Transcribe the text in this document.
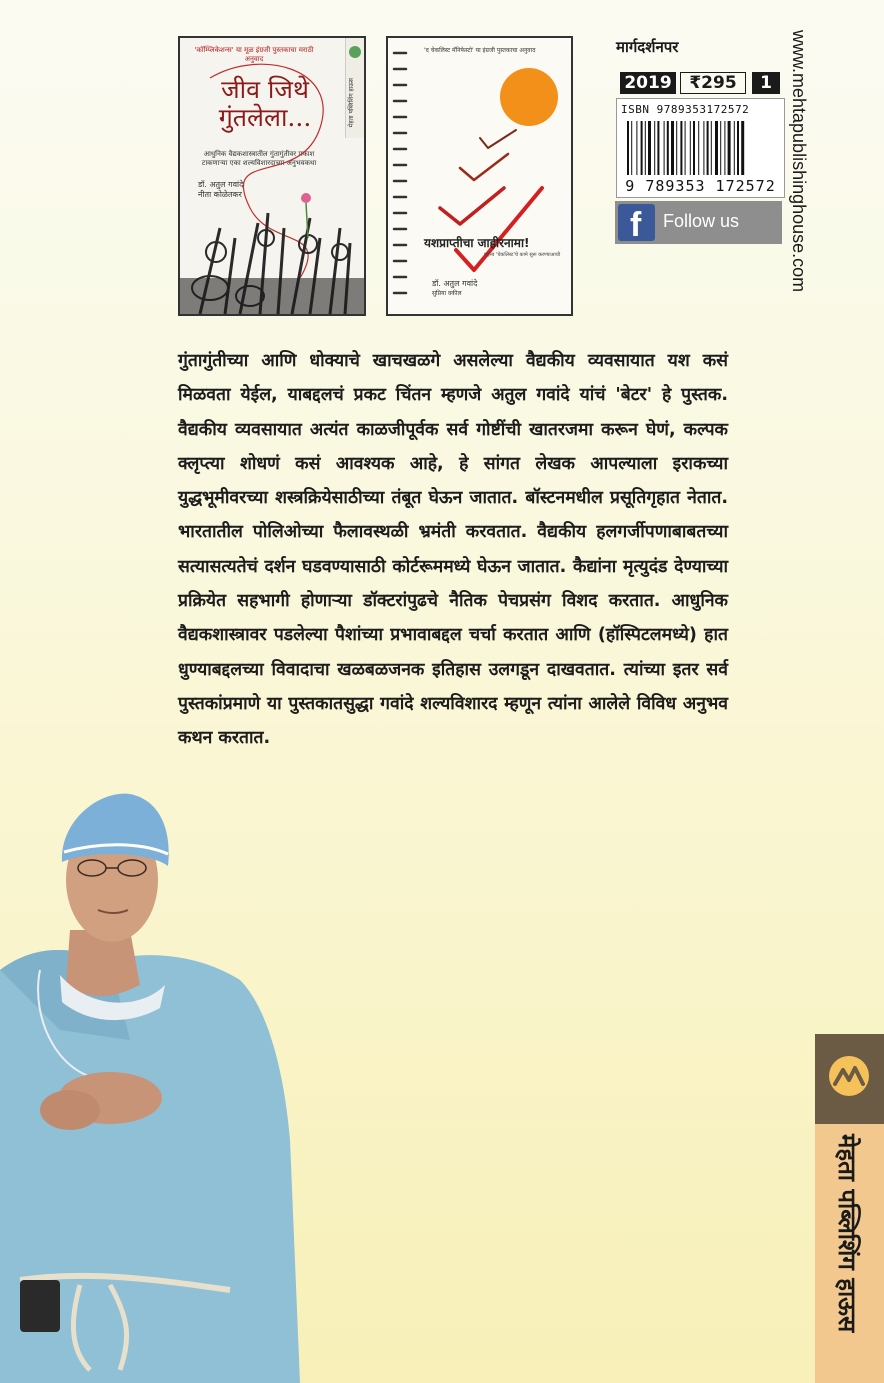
'कॉम्प्लिकेशन्स' या मूळ इंग्रजी पुस्तकाचा मराठी अनुवाद
जीव जिथे गुंतलेला...
आधुनिक वैद्यकशास्त्रातील गुंतागुंतीवर प्रकाश टाकणाऱ्या एका शल्यविशारदाच्या अनुभवकथा
डॉ. अतुल गवांदे
नीता कोळेतकर
मेहता पब्लिशिंग हाऊस
'द चेकलिस्ट मॅनिफेस्टो' या इंग्रजी पुस्तकाचा अनुवाद
यशप्राप्तीचा जाहीरनामा!
महत्त्व 'चेकलिस्ट'चे कामे सुरू करण्याआधी
डॉ. अतुल गवांदे
सुप्रिया वकील
मार्गदर्शनपर
2019	₹295	1
ISBN 9789353172572
9 789353 172572
f Follow us	www.mehtapublishinghouse.com
गुंतागुंतीच्या आणि धोक्याचे खाचखळगे असलेल्या वैद्यकीय व्यवसायात यश कसं मिळवता येईल, याबद्दलचं प्रकट चिंतन म्हणजे अतुल गवांदे यांचं 'बेटर' हे पुस्तक. वैद्यकीय व्यवसायात अत्यंत काळजीपूर्वक सर्व गोष्टींची खातरजमा करून घेणं, कल्पक क्लृप्त्या शोधणं कसं आवश्यक आहे, हे सांगत लेखक आपल्याला इराकच्या युद्धभूमीवरच्या शस्त्रक्रियेसाठीच्या तंबूत घेऊन जातात. बॉस्टनमधील प्रसूतिगृहात नेतात. भारतातील पोलिओच्या फैलावस्थळी भ्रमंती करवतात. वैद्यकीय हलगर्जीपणाबाबतच्या सत्यासत्यतेचं दर्शन घडवण्यासाठी कोर्टरूममध्ये घेऊन जातात. कैद्यांना मृत्युदंड देण्याच्या प्रक्रियेत सहभागी होणाऱ्या डॉक्टरांपुढचे नैतिक पेचप्रसंग विशद करतात. आधुनिक वैद्यकशास्त्रावर पडलेल्या पैशांच्या प्रभावाबद्दल चर्चा करतात आणि (हॉस्पिटलमध्ये) हात धुण्याबद्दलच्या विवादाचा खळबळजनक इतिहास उलगडून दाखवतात. त्यांच्या इतर सर्व पुस्तकांप्रमाणे या पुस्तकातसुद्धा गवांदे शल्यविशारद म्हणून त्यांना आलेले विविध अनुभव कथन करतात.
मेहता पब्लिशिंग हाऊस
